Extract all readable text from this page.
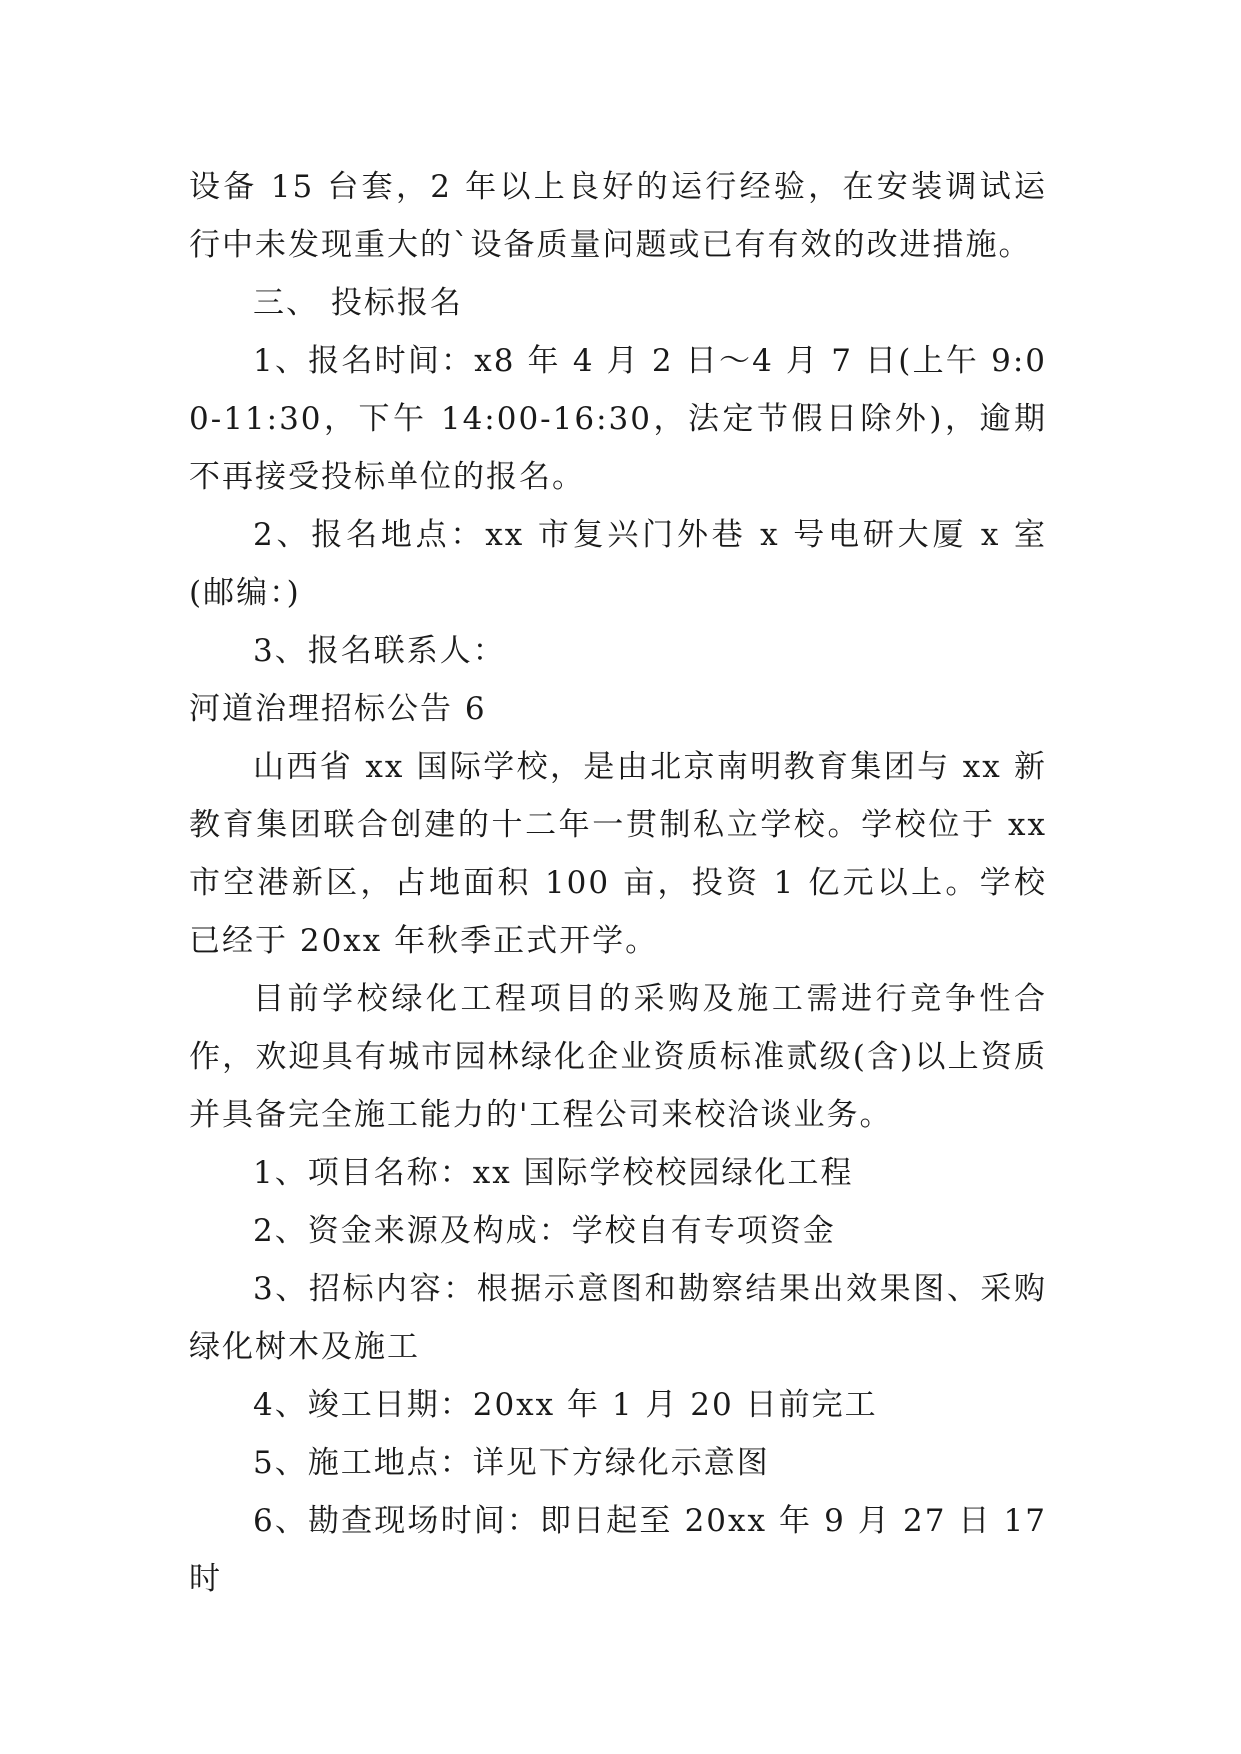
设备 15 台套，2 年以上良好的运行经验，在安装调试运行中未发现重大的`设备质量问题或已有有效的改进措施。

三、 投标报名

1、报名时间：x8 年 4 月 2 日～4 月 7 日(上午 9:00-11:30，下午 14:00-16:30，法定节假日除外)，逾期不再接受投标单位的报名。

2、报名地点：xx 市复兴门外巷 x 号电研大厦 x 室(邮编：)

3、报名联系人：

河道治理招标公告 6

山西省 xx 国际学校，是由北京南明教育集团与 xx 新教育集团联合创建的十二年一贯制私立学校。学校位于 xx 市空港新区，占地面积 100 亩，投资 1 亿元以上。学校已经于 20xx 年秋季正式开学。

目前学校绿化工程项目的采购及施工需进行竞争性合作，欢迎具有城市园林绿化企业资质标准贰级(含)以上资质并具备完全施工能力的'工程公司来校洽谈业务。

1、项目名称：xx 国际学校校园绿化工程

2、资金来源及构成：学校自有专项资金

3、招标内容：根据示意图和勘察结果出效果图、采购绿化树木及施工

4、竣工日期：20xx 年 1 月 20 日前完工

5、施工地点：详见下方绿化示意图

6、勘查现场时间：即日起至 20xx 年 9 月 27 日 17 时
